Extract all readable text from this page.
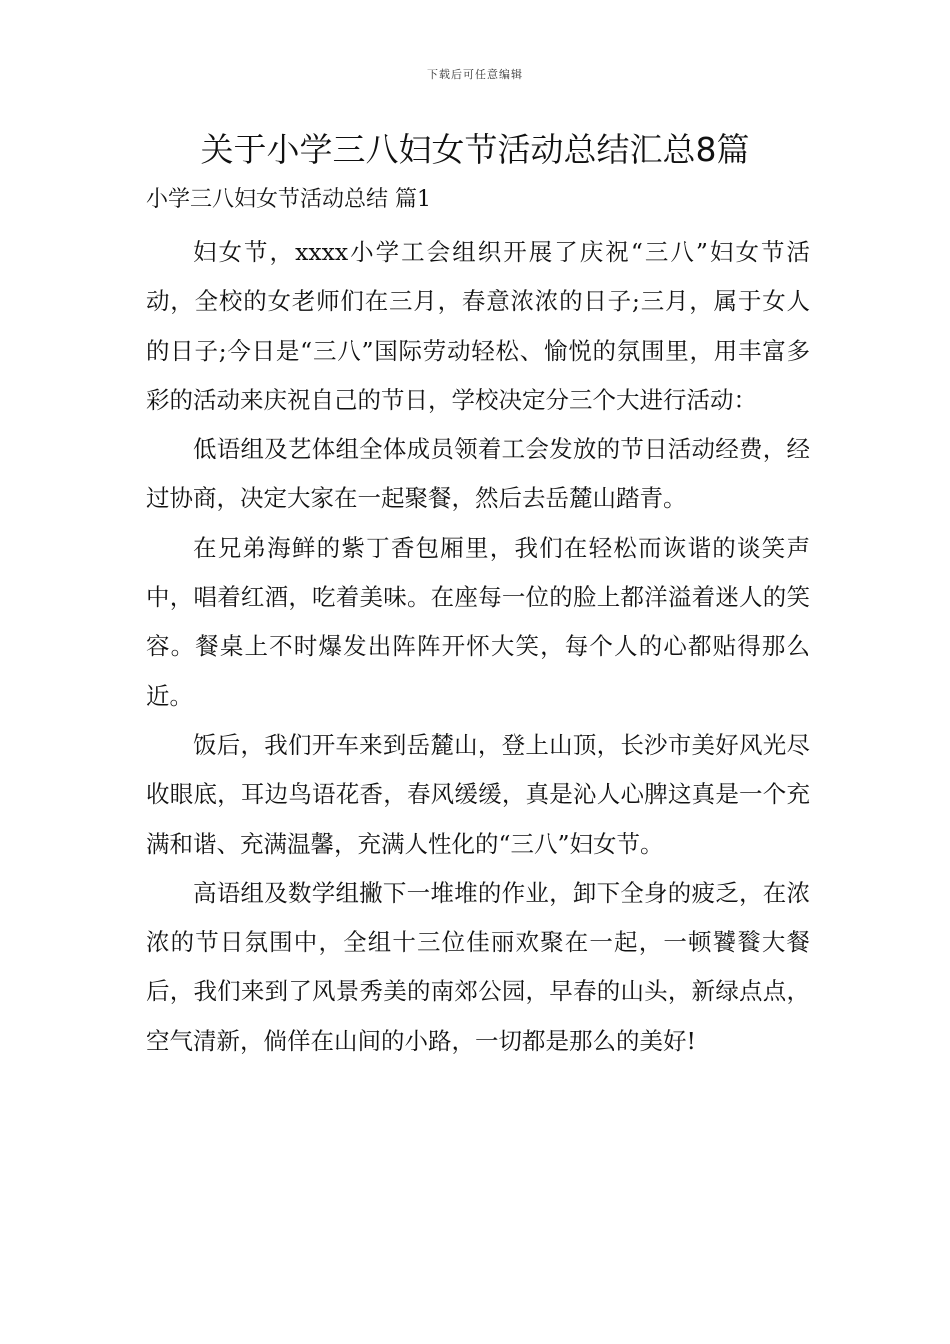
下载后可任意编辑
关于小学三八妇女节活动总结汇总8篇
小学三八妇女节活动总结 篇1

妇女节，xxxx小学工会组织开展了庆祝“三八”妇女节活动，全校的女老师们在三月，春意浓浓的日子;三月，属于女人的日子;今日是“三八”国际劳动轻松、愉悦的氛围里，用丰富多彩的活动来庆祝自己的节日，学校决定分三个大进行活动：

低语组及艺体组全体成员领着工会发放的节日活动经费，经过协商，决定大家在一起聚餐，然后去岳麓山踏青。

在兄弟海鲜的紫丁香包厢里，我们在轻松而诙谐的谈笑声中，唱着红酒，吃着美味。在座每一位的脸上都洋溢着迷人的笑容。餐桌上不时爆发出阵阵开怀大笑，每个人的心都贴得那么近。

饭后，我们开车来到岳麓山，登上山顶，长沙市美好风光尽收眼底，耳边鸟语花香，春风缓缓，真是沁人心脾这真是一个充满和谐、充满温馨，充满人性化的“三八”妇女节。

高语组及数学组撇下一堆堆的作业，卸下全身的疲乏，在浓浓的节日氛围中，全组十三位佳丽欢聚在一起，一顿饕餮大餐后，我们来到了风景秀美的南郊公园，早春的山头，新绿点点，空气清新，倘佯在山间的小路，一切都是那么的美好!
